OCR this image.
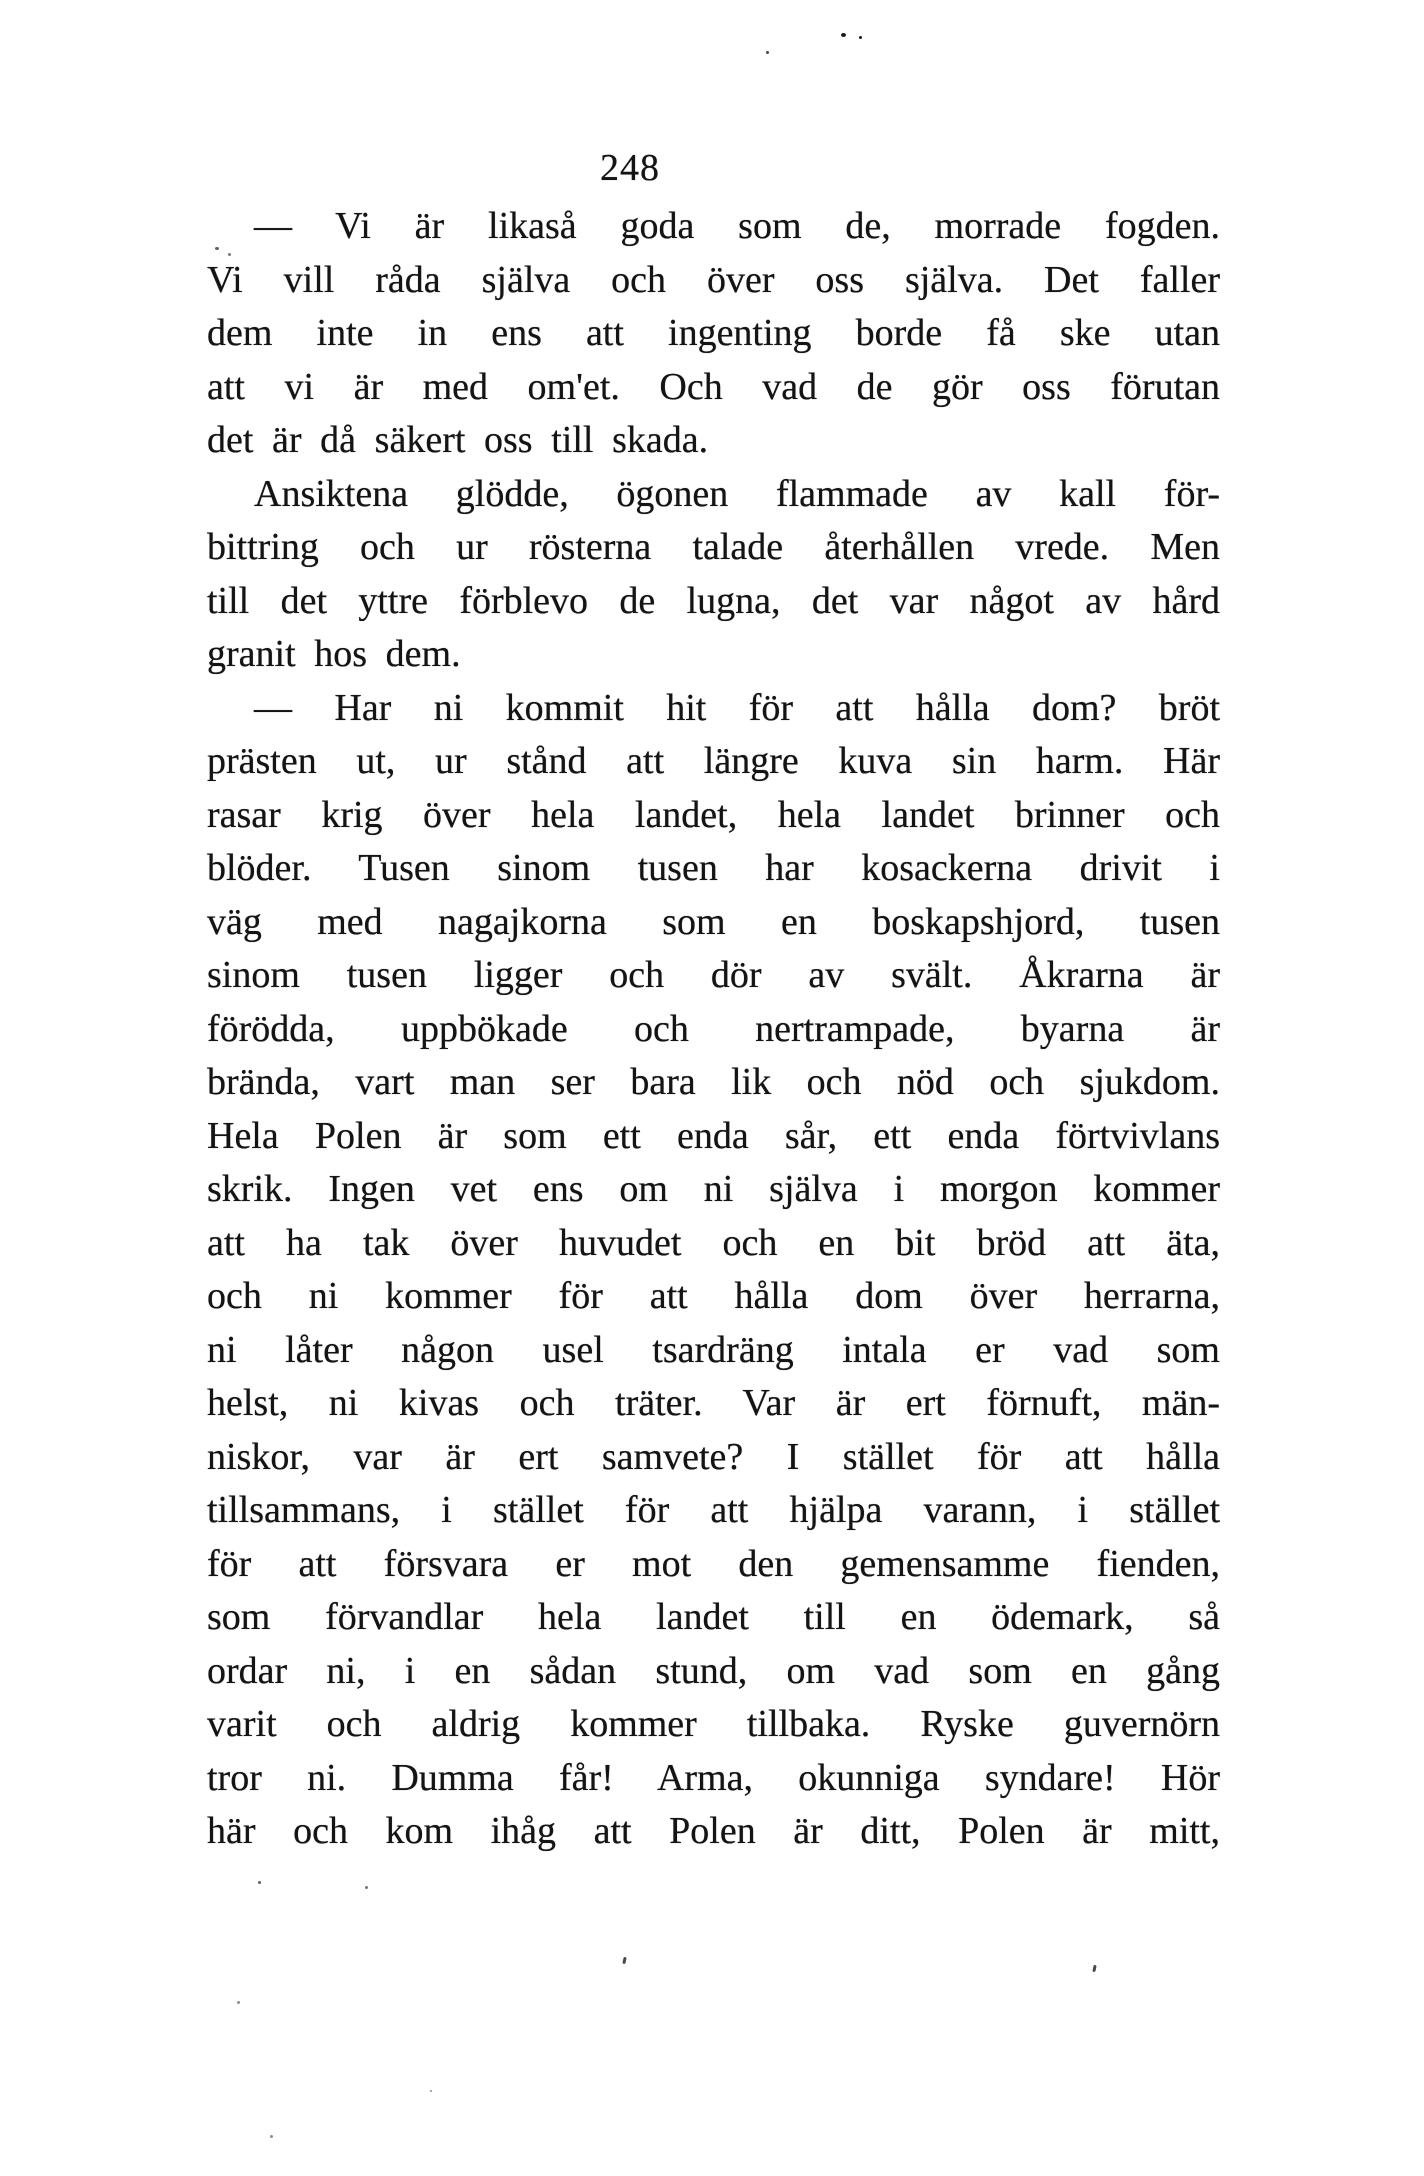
248
— Vi är likaså goda som de, morrade fogden.
Vi vill råda själva och över oss själva. Det faller
dem inte in ens att ingenting borde få ske utan
att vi är med om'et. Och vad de gör oss förutan
det är då säkert oss till skada.
Ansiktena glödde, ögonen flammade av kall för-
bittring och ur rösterna talade återhållen vrede. Men
till det yttre förblevo de lugna, det var något av hård
granit hos dem.
— Har ni kommit hit för att hålla dom? bröt
prästen ut, ur stånd att längre kuva sin harm. Här
rasar krig över hela landet, hela landet brinner och
blöder. Tusen sinom tusen har kosackerna drivit i
väg med nagajkorna som en boskapshjord, tusen
sinom tusen ligger och dör av svält. Åkrarna är
förödda, uppbökade och nertrampade, byarna är
brända, vart man ser bara lik och nöd och sjukdom.
Hela Polen är som ett enda sår, ett enda förtvivlans
skrik. Ingen vet ens om ni själva i morgon kommer
att ha tak över huvudet och en bit bröd att äta,
och ni kommer för att hålla dom över herrarna,
ni låter någon usel tsardräng intala er vad som
helst, ni kivas och träter. Var är ert förnuft, män-
niskor, var är ert samvete? I stället för att hålla
tillsammans, i stället för att hjälpa varann, i stället
för att försvara er mot den gemensamme fienden,
som förvandlar hela landet till en ödemark, så
ordar ni, i en sådan stund, om vad som en gång
varit och aldrig kommer tillbaka. Ryske guvernörn
tror ni. Dumma får! Arma, okunniga syndare! Hör
här och kom ihåg att Polen är ditt, Polen är mitt,
